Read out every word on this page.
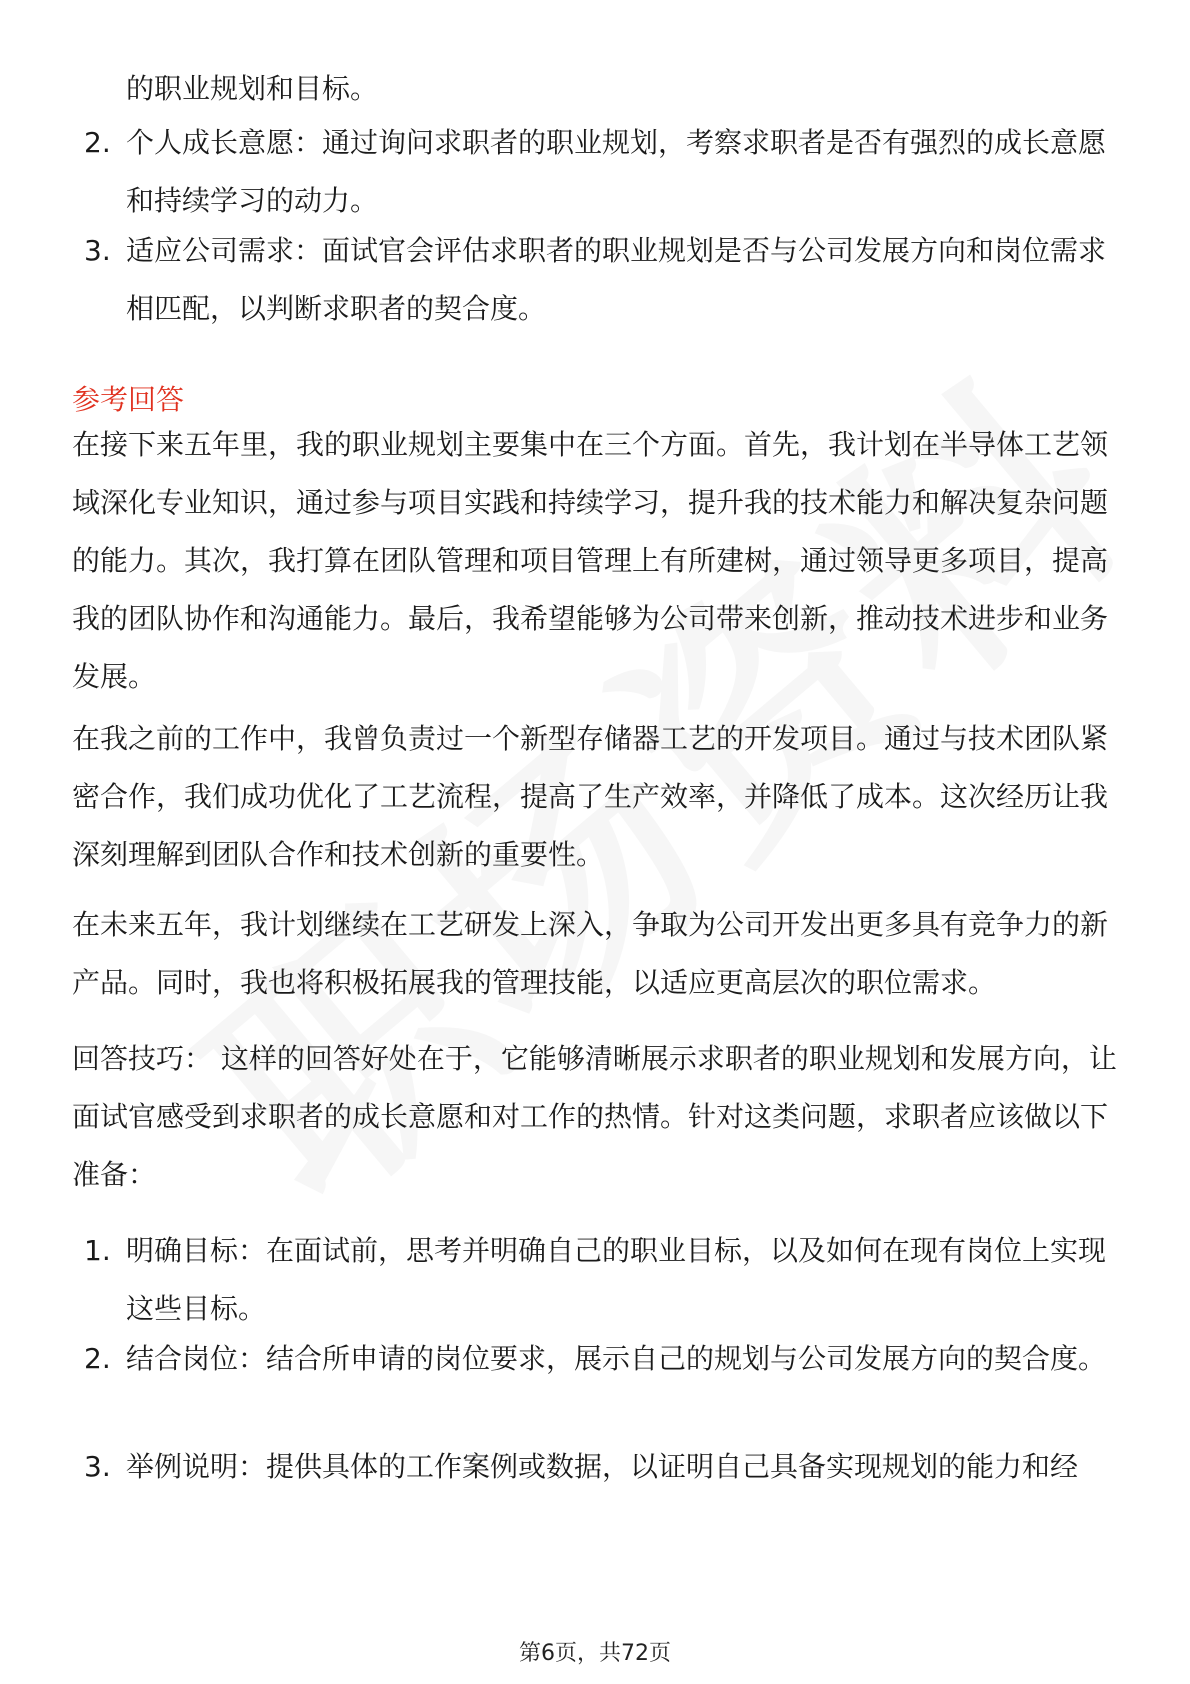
的职业规划和目标。
2. 个人成长意愿：通过询问求职者的职业规划，考察求职者是否有强烈的成长意愿和持续学习的动力。
3. 适应公司需求：面试官会评估求职者的职业规划是否与公司发展方向和岗位需求相匹配，以判断求职者的契合度。
参考回答

在接下来五年里，我的职业规划主要集中在三个方面。首先，我计划在半导体工艺领域深化专业知识，通过参与项目实践和持续学习，提升我的技术能力和解决复杂问题的能力。其次，我打算在团队管理和项目管理上有所建树，通过领导更多项目，提高我的团队协作和沟通能力。最后，我希望能够为公司带来创新，推动技术进步和业务发展。

在我之前的工作中，我曾负责过一个新型存储器工艺的开发项目。通过与技术团队紧密合作，我们成功优化了工艺流程，提高了生产效率，并降低了成本。这次经历让我深刻理解到团队合作和技术创新的重要性。

在未来五年，我计划继续在工艺研发上深入，争取为公司开发出更多具有竞争力的新产品。同时，我也将积极拓展我的管理技能，以适应更高层次的职位需求。

回答技巧： 这样的回答好处在于，它能够清晰展示求职者的职业规划和发展方向，让面试官感受到求职者的成长意愿和对工作的热情。针对这类问题，求职者应该做以下准备：

1. 明确目标：在面试前，思考并明确自己的职业目标，以及如何在现有岗位上实现这些目标。
2. 结合岗位：结合所申请的岗位要求，展示自己的规划与公司发展方向的契合度。
3. 举例说明：提供具体的工作案例或数据，以证明自己具备实现规划的能力和经
第6页，共72页
